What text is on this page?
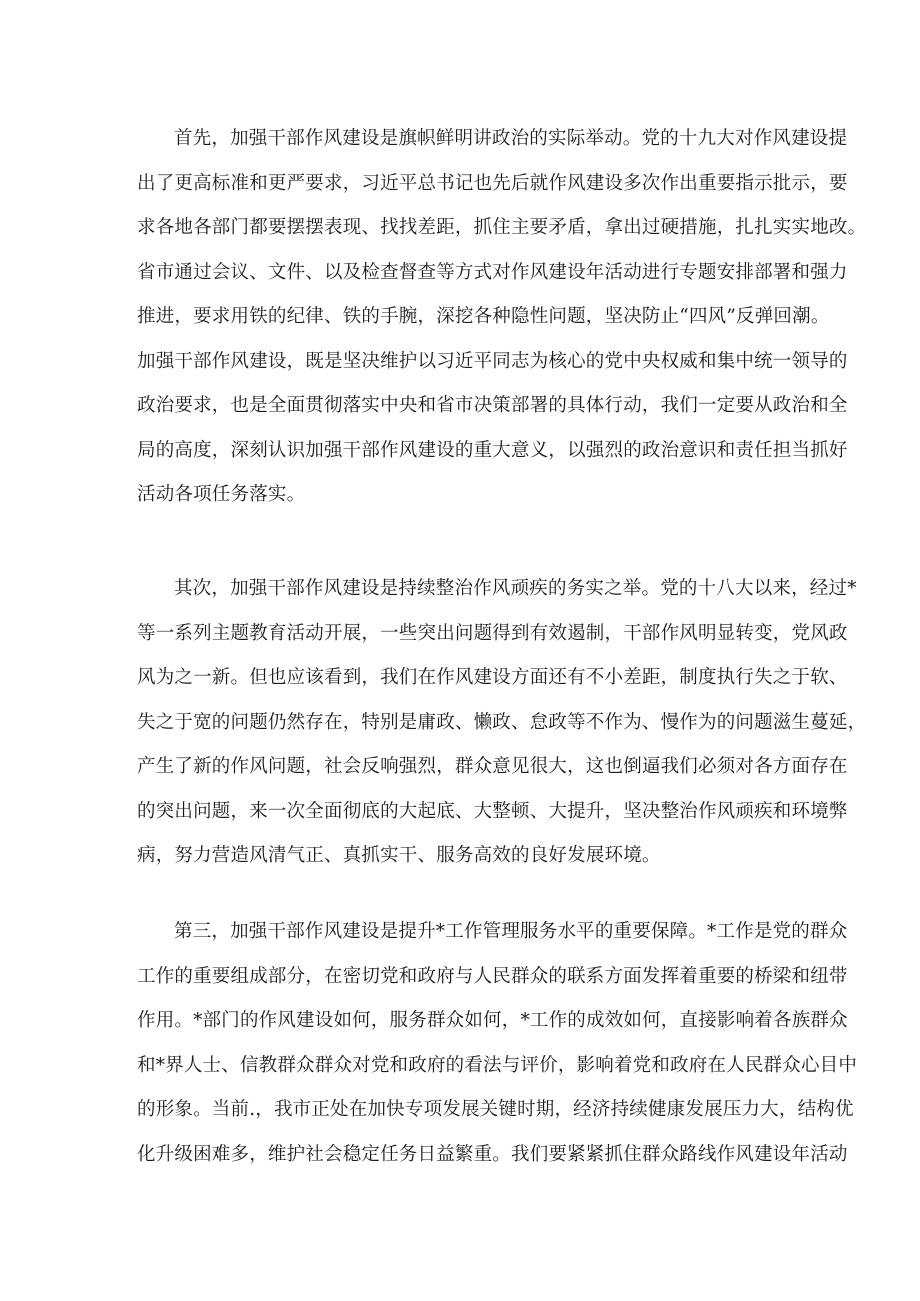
首先，加强干部作风建设是旗帜鲜明讲政治的实际举动。党的十九大对作风建设提
出了更高标准和更严要求，习近平总书记也先后就作风建设多次作出重要指示批示，要
求各地各部门都要摆摆表现、找找差距，抓住主要矛盾，拿出过硬措施，扎扎实实地改。
省市通过会议、文件、以及检查督查等方式对作风建设年活动进行专题安排部署和强力
推进，要求用铁的纪律、铁的手腕，深挖各种隐性问题，坚决防止“四风”反弹回潮。
加强干部作风建设，既是坚决维护以习近平同志为核心的党中央权威和集中统一领导的
政治要求，也是全面贯彻落实中央和省市决策部署的具体行动，我们一定要从政治和全
局的高度，深刻认识加强干部作风建设的重大意义，以强烈的政治意识和责任担当抓好
活动各项任务落实。
其次，加强干部作风建设是持续整治作风顽疾的务实之举。党的十八大以来，经过*
等一系列主题教育活动开展，一些突出问题得到有效遏制，干部作风明显转变，党风政
风为之一新。但也应该看到，我们在作风建设方面还有不小差距，制度执行失之于软、
失之于宽的问题仍然存在，特别是庸政、懒政、怠政等不作为、慢作为的问题滋生蔓延，
产生了新的作风问题，社会反响强烈，群众意见很大，这也倒逼我们必须对各方面存在
的突出问题，来一次全面彻底的大起底、大整顿、大提升，坚决整治作风顽疾和环境弊
病，努力营造风清气正、真抓实干、服务高效的良好发展环境。
第三，加强干部作风建设是提升*工作管理服务水平的重要保障。*工作是党的群众
工作的重要组成部分，在密切党和政府与人民群众的联系方面发挥着重要的桥梁和纽带
作用。*部门的作风建设如何，服务群众如何，*工作的成效如何，直接影响着各族群众
和*界人士、信教群众群众对党和政府的看法与评价，影响着党和政府在人民群众心目中
的形象。当前.，我市正处在加快专项发展关键时期，经济持续健康发展压力大，结构优
化升级困难多，维护社会稳定任务日益繁重。我们要紧紧抓住群众路线作风建设年活动
